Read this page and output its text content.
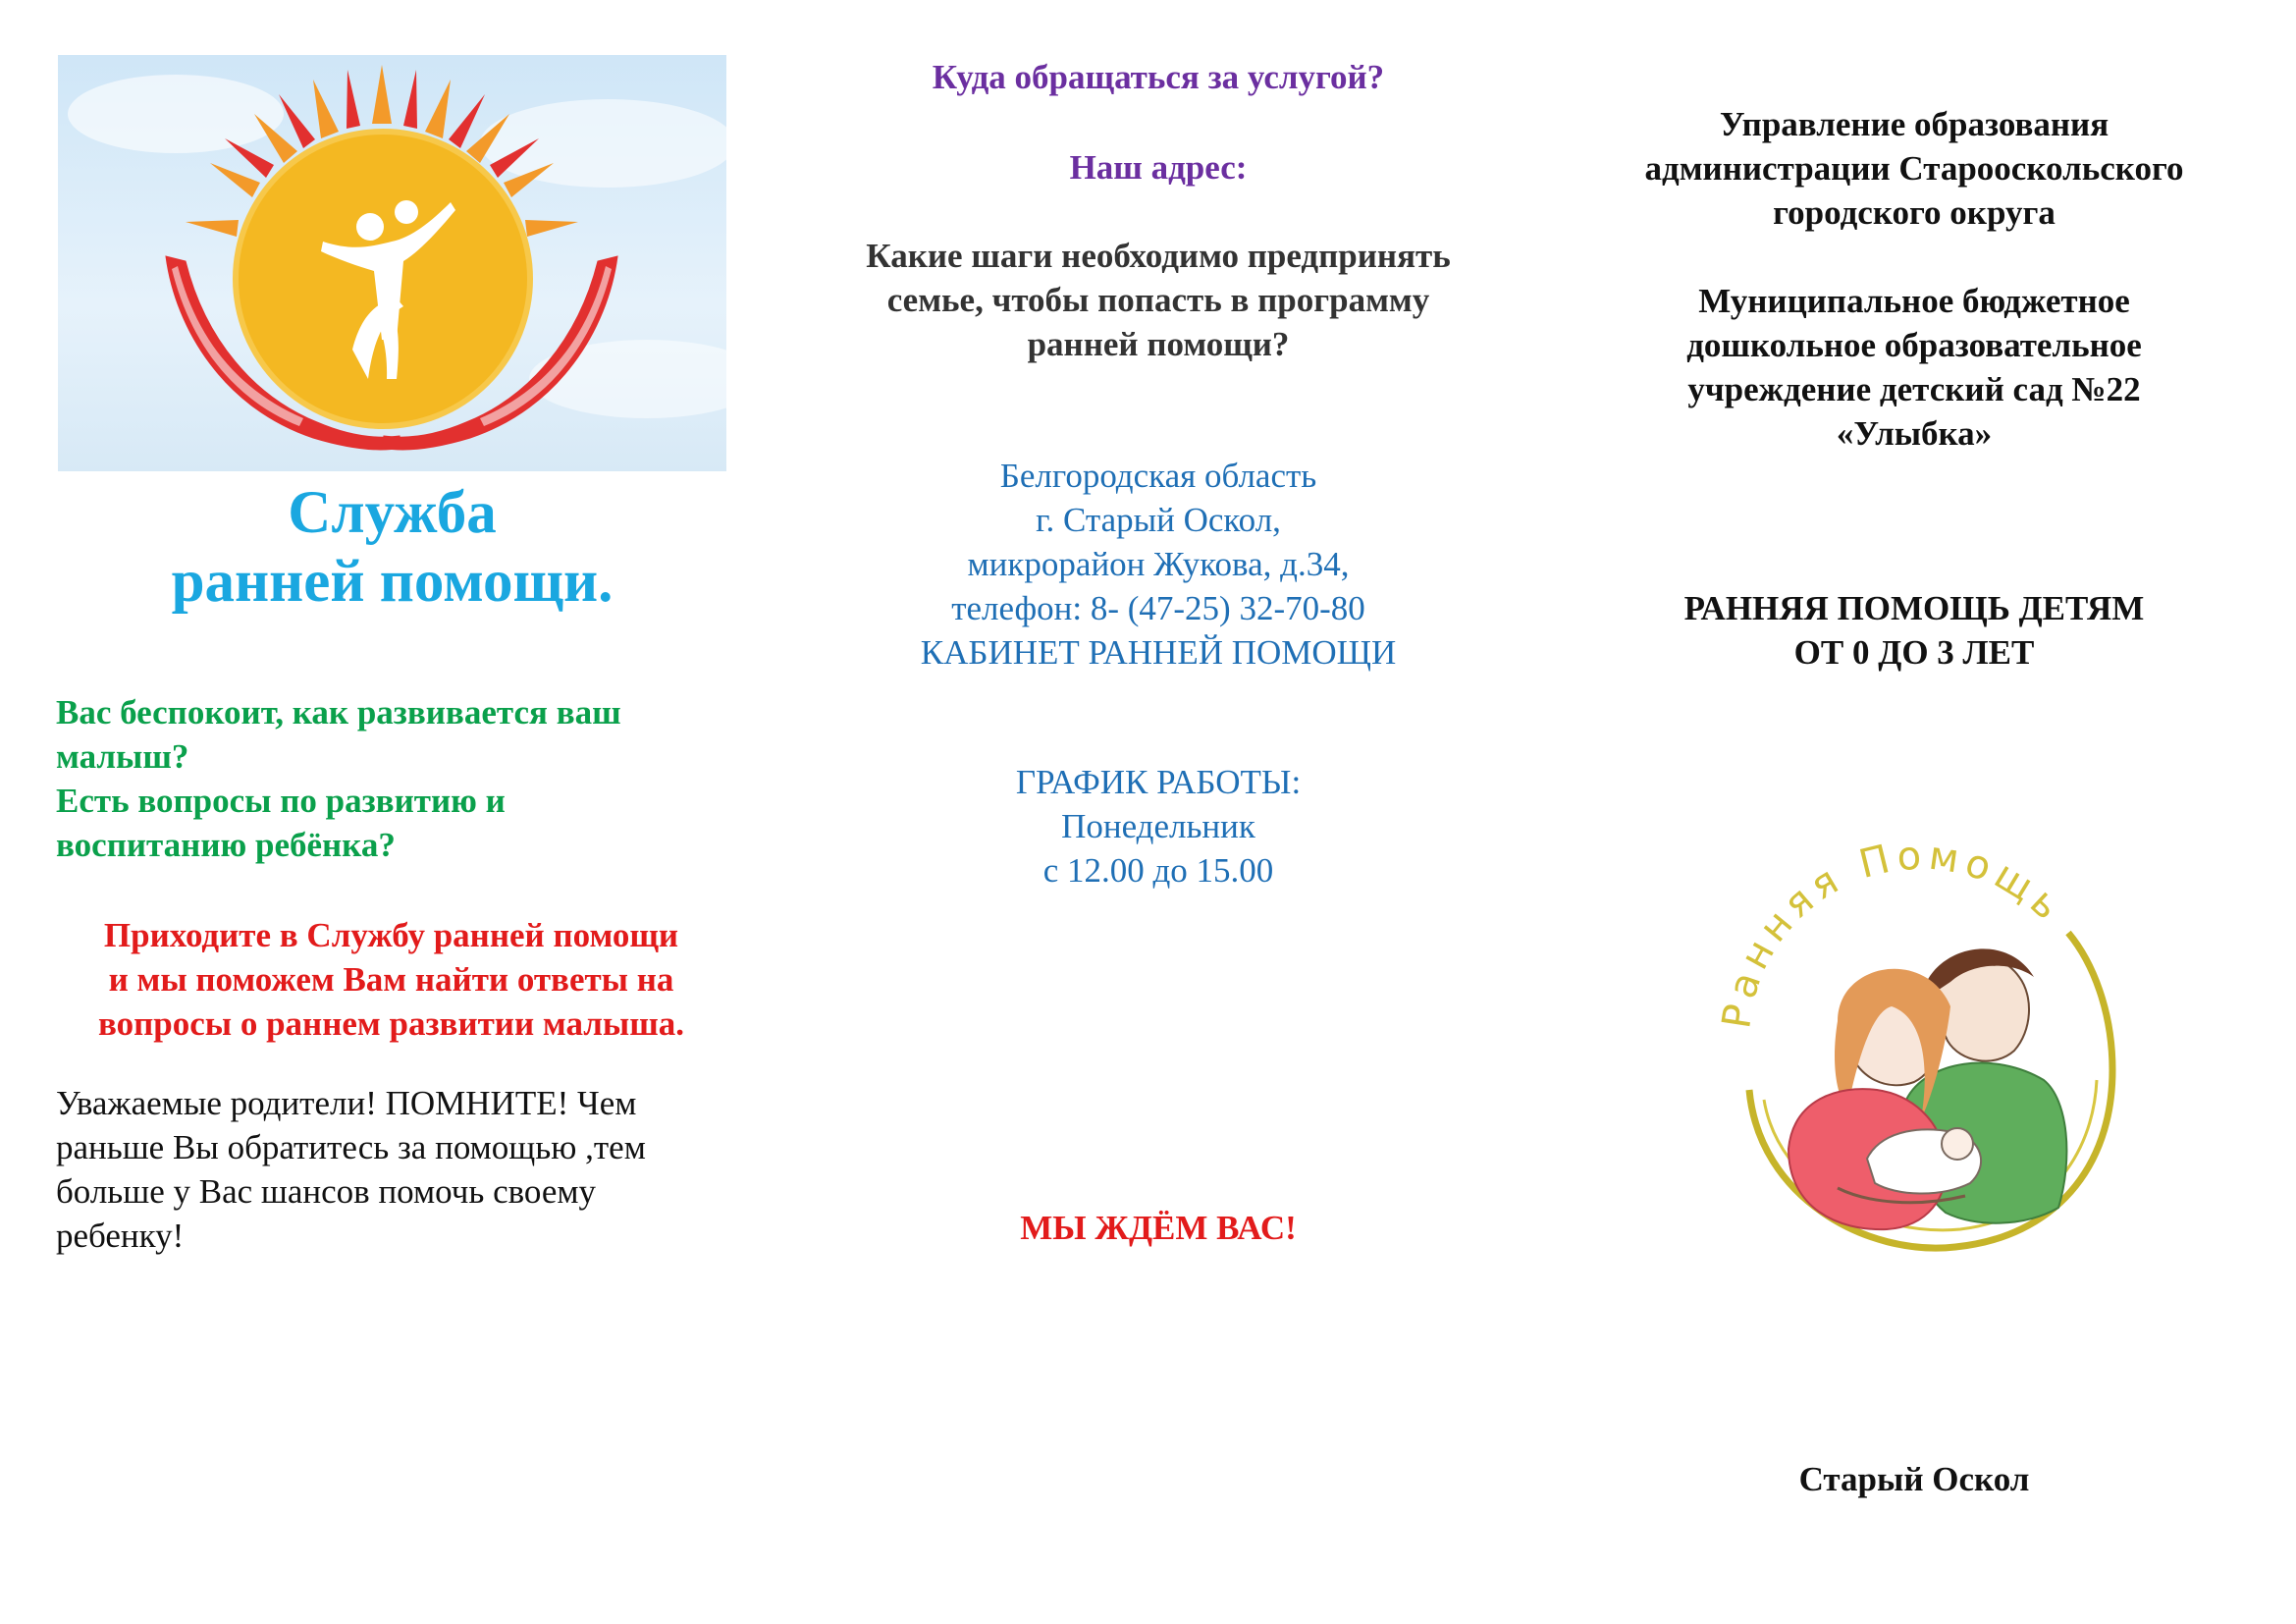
Служба
ранней помощи.
Вас беспокоит, как развивается ваш
малыш?
Есть вопросы по развитию и
воспитанию ребёнка?
Приходите в Службу ранней помощи
и мы поможем Вам найти ответы на
вопросы о раннем развитии малыша.
Уважаемые родители! ПОМНИТЕ! Чем
раньше Вы обратитесь за помощью ,тем
больше у Вас шансов помочь своему
ребенку!
Куда обращаться за услугой?
Наш адрес:
Какие шаги необходимо предпринять
семье, чтобы попасть в программу
ранней помощи?
Белгородская область
г. Старый Оскол,
микрорайон Жукова, д.34,
телефон: 8- (47-25) 32-70-80
КАБИНЕТ РАННЕЙ ПОМОЩИ
ГРАФИК РАБОТЫ:
Понедельник
с 12.00 до 15.00
МЫ ЖДЁМ ВАС!
Управление образования
администрации Старооскольского
городского округа
Муниципальное бюджетное
дошкольное образовательное
учреждение детский сад №22
«Улыбка»
РАННЯЯ ПОМОЩЬ ДЕТЯМ
ОТ 0 ДО 3 ЛЕТ
Ранняя Помощь
Старый Оскол
